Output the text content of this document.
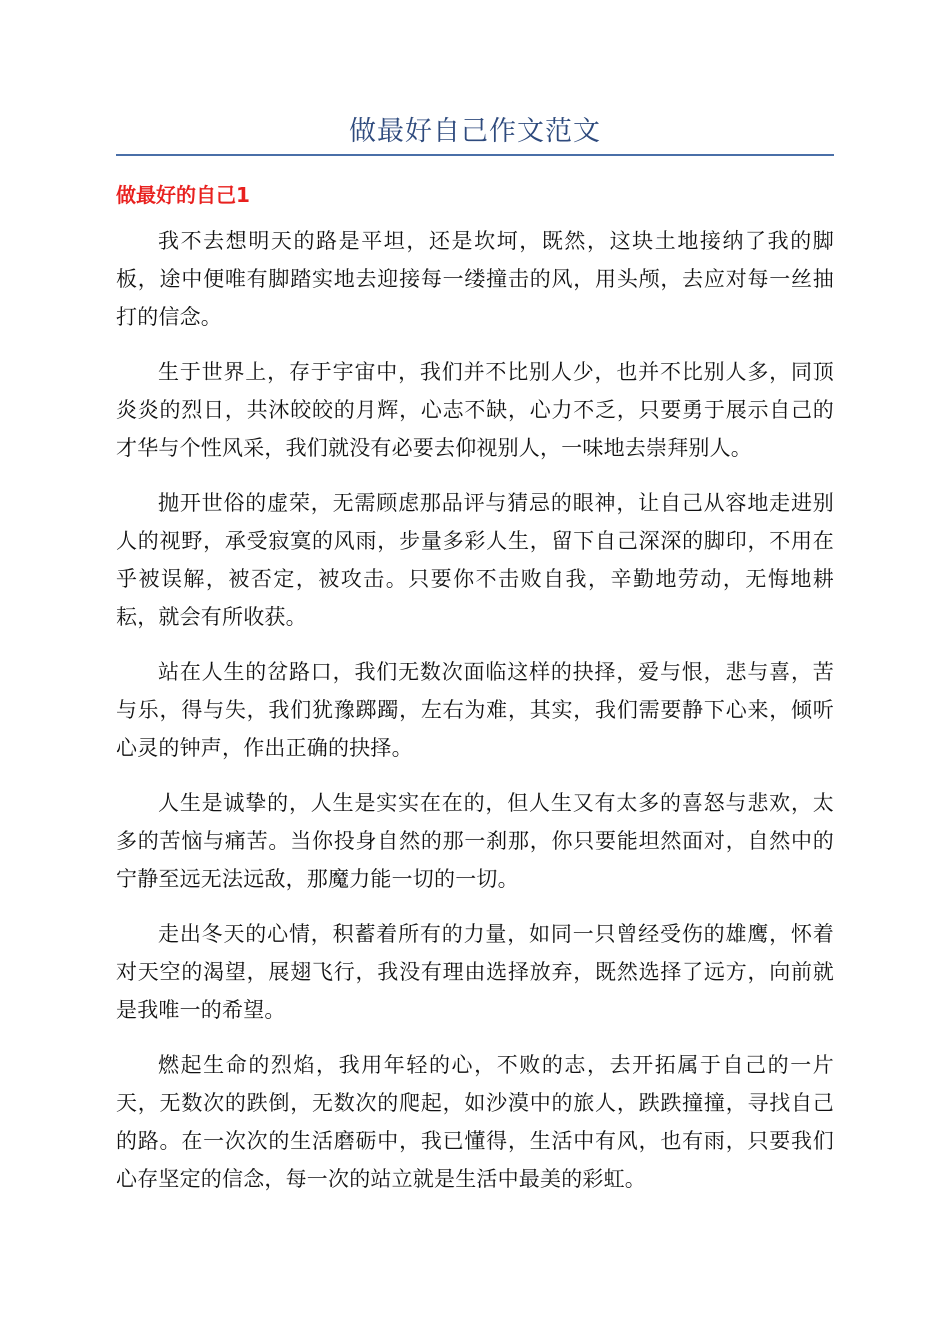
做最好自己作文范文
做最好的自己1

我不去想明天的路是平坦，还是坎坷，既然，这块土地接纳了我的脚板，途中便唯有脚踏实地去迎接每一缕撞击的风，用头颅，去应对每一丝抽打的信念。

生于世界上，存于宇宙中，我们并不比别人少，也并不比别人多，同顶炎炎的烈日，共沐皎皎的月辉，心志不缺，心力不乏，只要勇于展示自己的才华与个性风采，我们就没有必要去仰视别人，一味地去崇拜别人。

抛开世俗的虚荣，无需顾虑那品评与猜忌的眼神，让自己从容地走进别人的视野，承受寂寞的风雨，步量多彩人生，留下自己深深的脚印，不用在乎被误解，被否定，被攻击。只要你不击败自我，辛勤地劳动，无悔地耕耘，就会有所收获。

站在人生的岔路口，我们无数次面临这样的抉择，爱与恨，悲与喜，苦与乐，得与失，我们犹豫踯躅，左右为难，其实，我们需要静下心来，倾听心灵的钟声，作出正确的抉择。

人生是诚挚的，人生是实实在在的，但人生又有太多的喜怒与悲欢，太多的苦恼与痛苦。当你投身自然的那一刹那，你只要能坦然面对，自然中的宁静至远无法远敌，那魔力能一切的一切。

走出冬天的心情，积蓄着所有的力量，如同一只曾经受伤的雄鹰，怀着对天空的渴望，展翅飞行，我没有理由选择放弃，既然选择了远方，向前就是我唯一的希望。

燃起生命的烈焰，我用年轻的心，不败的志，去开拓属于自己的一片天，无数次的跌倒，无数次的爬起，如沙漠中的旅人，跌跌撞撞，寻找自己的路。在一次次的生活磨砺中，我已懂得，生活中有风，也有雨，只要我们心存坚定的信念，每一次的站立就是生活中最美的彩虹。
